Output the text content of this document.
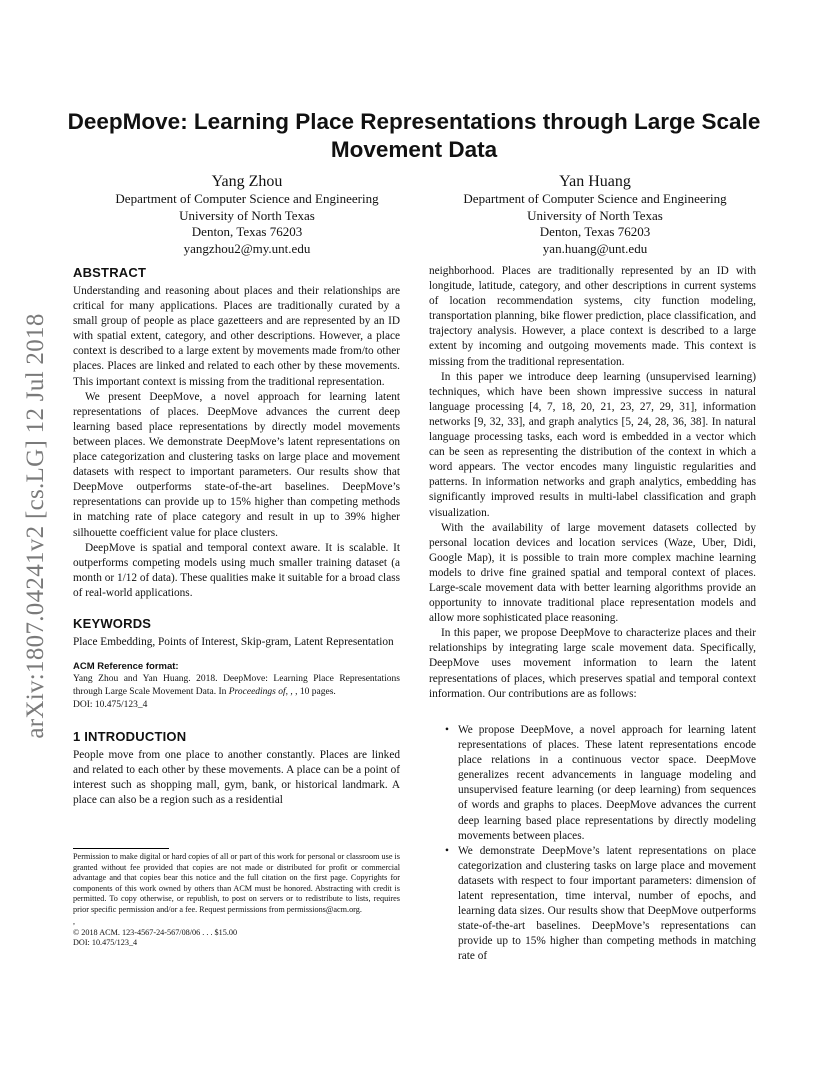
arXiv:1807.04241v2 [cs.LG] 12 Jul 2018
DeepMove: Learning Place Representations through Large Scale Movement Data
Yang Zhou
Department of Computer Science and Engineering
University of North Texas
Denton, Texas 76203
yangzhou2@my.unt.edu
Yan Huang
Department of Computer Science and Engineering
University of North Texas
Denton, Texas 76203
yan.huang@unt.edu
ABSTRACT

Understanding and reasoning about places and their relationships are critical for many applications. Places are traditionally curated by a small group of people as place gazetteers and are represented by an ID with spatial extent, category, and other descriptions. However, a place context is described to a large extent by movements made from/to other places. Places are linked and related to each other by these movements. This important context is missing from the traditional representation.

We present DeepMove, a novel approach for learning latent representations of places. DeepMove advances the current deep learning based place representations by directly model movements between places. We demonstrate DeepMove’s latent representations on place categorization and clustering tasks on large place and movement datasets with respect to important parameters. Our results show that DeepMove outperforms state-of-the-art baselines. DeepMove’s representations can provide up to 15% higher than competing methods in matching rate of place category and result in up to 39% higher silhouette coefficient value for place clusters.

DeepMove is spatial and temporal context aware. It is scalable. It outperforms competing models using much smaller training dataset (a month or 1/12 of data). These qualities make it suitable for a broad class of real-world applications.

KEYWORDS

Place Embedding, Points of Interest, Skip-gram, Latent Representation

ACM Reference format:
Yang Zhou and Yan Huang. 2018. DeepMove: Learning Place Representations through Large Scale Movement Data. In Proceedings of, , , 10 pages.
DOI: 10.475/123_4
1 INTRODUCTION

People move from one place to another constantly. Places are linked and related to each other by these movements. A place can be a point of interest such as shopping mall, gym, bank, or historical landmark. A place can also be a region such as a residential

Permission to make digital or hard copies of all or part of this work for personal or classroom use is granted without fee provided that copies are not made or distributed for profit or commercial advantage and that copies bear this notice and the full citation on the first page. Copyrights for components of this work owned by others than ACM must be honored. Abstracting with credit is permitted. To copy otherwise, or republish, to post on servers or to redistribute to lists, requires prior specific permission and/or a fee. Request permissions from permissions@acm.org.
,
© 2018 ACM. 123-4567-24-567/08/06 . . . $15.00
DOI: 10.475/123_4

neighborhood. Places are traditionally represented by an ID with longitude, latitude, category, and other descriptions in current systems of location recommendation systems, city function modeling, transportation planning, bike flower prediction, place classification, and trajectory analysis. However, a place context is described to a large extent by incoming and outgoing movements made. This context is missing from the traditional representation.

In this paper we introduce deep learning (unsupervised learning) techniques, which have been shown impressive success in natural language processing [4, 7, 18, 20, 21, 23, 27, 29, 31], information networks [9, 32, 33], and graph analytics [5, 24, 28, 36, 38]. In natural language processing tasks, each word is embedded in a vector which can be seen as representing the distribution of the context in which a word appears. The vector encodes many linguistic regularities and patterns. In information networks and graph analytics, embedding has significantly improved results in multi-label classification and graph visualization.

With the availability of large movement datasets collected by personal location devices and location services (Waze, Uber, Didi, Google Map), it is possible to train more complex machine learning models to drive fine grained spatial and temporal context of places. Large-scale movement data with better learning algorithms provide an opportunity to innovate traditional place representation models and allow more sophisticated place reasoning.

In this paper, we propose DeepMove to characterize places and their relationships by integrating large scale movement data. Specifically, DeepMove uses movement information to learn the latent representations of places, which preserves spatial and temporal context information. Our contributions are as follows:

• We propose DeepMove, a novel approach for learning latent representations of places. These latent representations encode place relations in a continuous vector space. DeepMove generalizes recent advancements in language modeling and unsupervised feature learning (or deep learning) from sequences of words and graphs to places. DeepMove advances the current deep learning based place representations by directly modeling movements between places.
• We demonstrate DeepMove’s latent representations on place categorization and clustering tasks on large place and movement datasets with respect to four important parameters: dimension of latent representation, time interval, number of epochs, and learning data sizes. Our results show that DeepMove outperforms state-of-the-art baselines. DeepMove’s representations can provide up to 15% higher than competing methods in matching rate of
